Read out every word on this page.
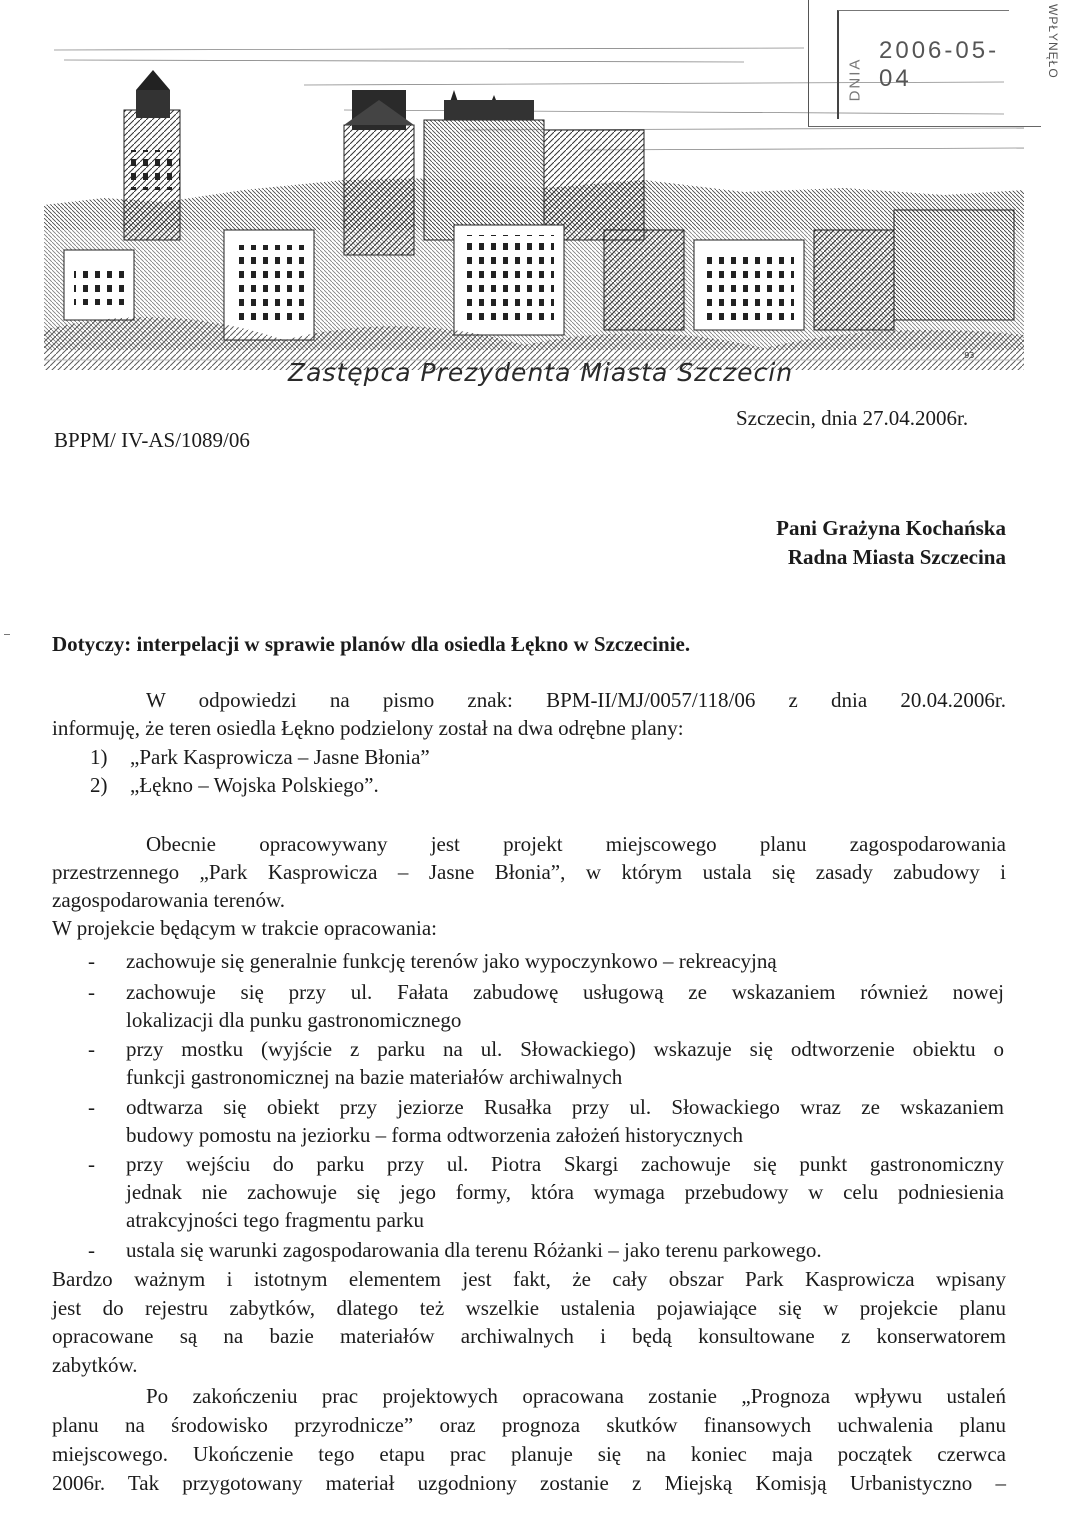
'93
DNIA
2006-05-04	WPŁYNĘŁO
Zastępca Prezydenta Miasta Szczecin
Szczecin, dnia 27.04.2006r.
BPPM/ IV-AS/1089/06
Pani Grażyna Kochańska
Radna Miasta Szczecina
Dotyczy: interpelacji w sprawie planów dla osiedla Łękno w Szczecinie.
W odpowiedzi na pismo znak: BPM-II/MJ/0057/118/06 z dnia 20.04.2006r.
informuję, że teren osiedla Łękno podzielony został na dwa odrębne plany:
1) „Park Kasprowicza – Jasne Błonia”
2) „Łękno – Wojska Polskiego”.
Obecnie opracowywany jest projekt miejscowego planu zagospodarowania
przestrzennego „Park Kasprowicza – Jasne Błonia”, w którym ustala się zasady zabudowy i
zagospodarowania terenów.
W projekcie będącym w trakcie opracowania:
- zachowuje się generalnie funkcję terenów jako wypoczynkowo – rekreacyjną
- zachowuje się przy ul. Fałata zabudowę usługową ze wskazaniem również nowej
lokalizacji dla punku gastronomicznego
- przy mostku (wyjście z parku na ul. Słowackiego) wskazuje się odtworzenie obiektu o
funkcji gastronomicznej na bazie materiałów archiwalnych
- odtwarza się obiekt przy jeziorze Rusałka przy ul. Słowackiego wraz ze wskazaniem
budowy pomostu na jeziorku – forma odtworzenia założeń historycznych
- przy wejściu do parku przy ul. Piotra Skargi zachowuje się punkt gastronomiczny
jednak nie zachowuje się jego formy, która wymaga przebudowy w celu podniesienia
atrakcyjności tego fragmentu parku
- ustala się warunki zagospodarowania dla terenu Różanki – jako terenu parkowego.
Bardzo ważnym i istotnym elementem jest fakt, że cały obszar Park Kasprowicza wpisany
jest do rejestru zabytków, dlatego też wszelkie ustalenia pojawiające się w projekcie planu
opracowane są na bazie materiałów archiwalnych i będą konsultowane z konserwatorem
zabytków.
Po zakończeniu prac projektowych opracowana zostanie „Prognoza wpływu ustaleń
planu na środowisko przyrodnicze” oraz prognoza skutków finansowych uchwalenia planu
miejscowego. Ukończenie tego etapu prac planuje się na koniec maja początek czerwca
2006r. Tak przygotowany materiał uzgodniony zostanie z Miejską Komisją Urbanistyczno –
